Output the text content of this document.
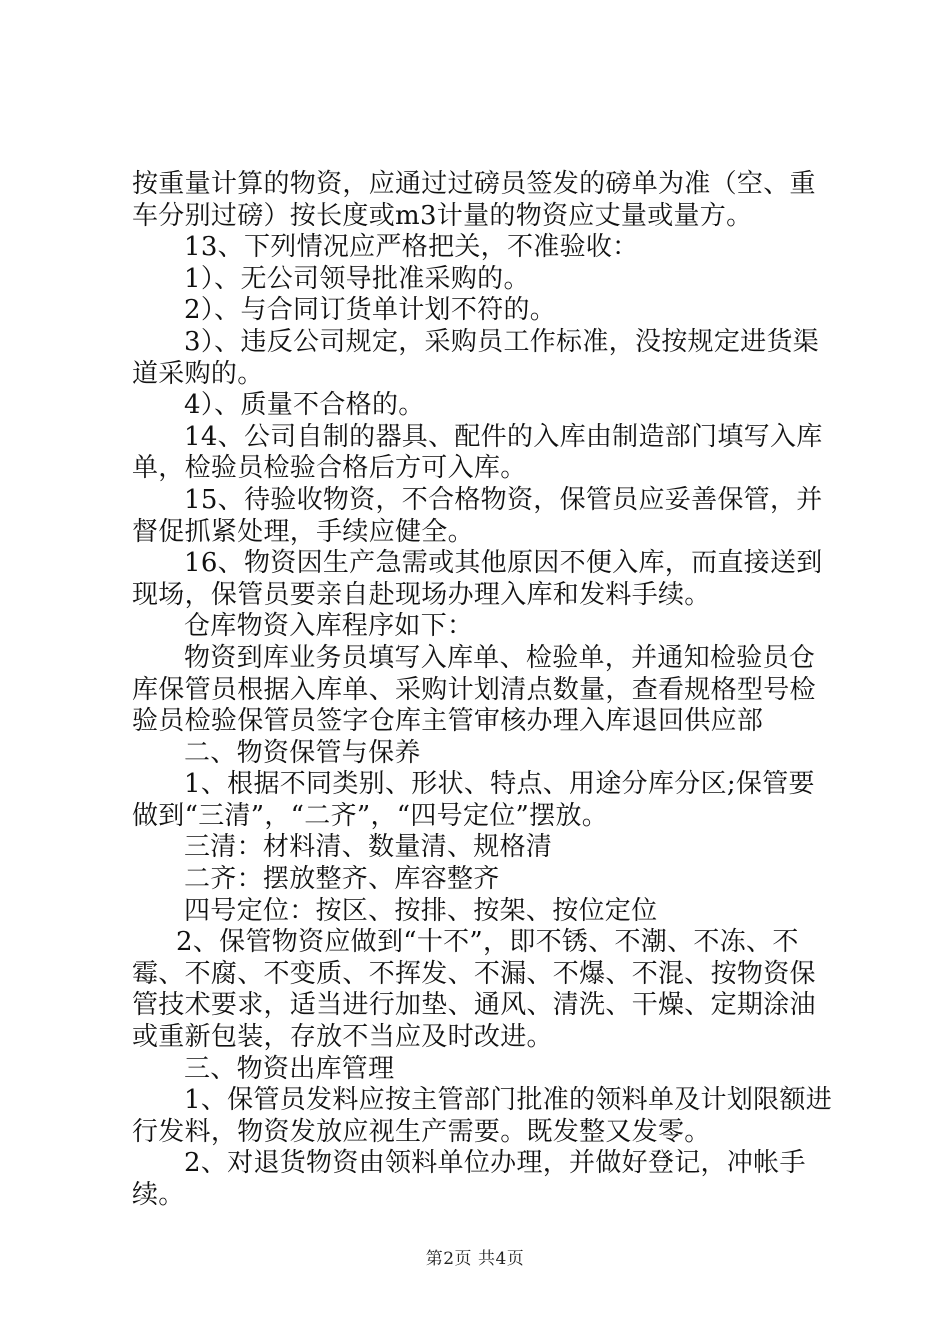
按重量计算的物资，应通过过磅员签发的磅单为准（空、重车分别过磅）按长度或m3计量的物资应丈量或量方。

13、下列情况应严格把关，不准验收：

1）、无公司领导批准采购的。

2）、与合同订货单计划不符的。

3）、违反公司规定，采购员工作标准，没按规定进货渠道采购的。

4）、质量不合格的。

14、公司自制的器具、配件的入库由制造部门填写入库单，检验员检验合格后方可入库。

15、待验收物资，不合格物资，保管员应妥善保管，并督促抓紧处理，手续应健全。

16、物资因生产急需或其他原因不便入库，而直接送到现场，保管员要亲自赴现场办理入库和发料手续。

仓库物资入库程序如下：

物资到库业务员填写入库单、检验单，并通知检验员仓库保管员根据入库单、采购计划清点数量，查看规格型号检验员检验保管员签字仓库主管审核办理入库退回供应部

二、物资保管与保养

1、根据不同类别、形状、特点、用途分库分区;保管要做到“三清”，“二齐”，“四号定位”摆放。

三清：材料清、数量清、规格清

二齐：摆放整齐、库容整齐

四号定位：按区、按排、按架、按位定位

2、保管物资应做到“十不”，即不锈、不潮、不冻、不霉、不腐、不变质、不挥发、不漏、不爆、不混、按物资保管技术要求，适当进行加垫、通风、清洗、干燥、定期涂油或重新包装，存放不当应及时改进。

三、物资出库管理

1、保管员发料应按主管部门批准的领料单及计划限额进行发料，物资发放应视生产需要。既发整又发零。

2、对退货物资由领料单位办理，并做好登记，冲帐手续。

第2页 共4页
